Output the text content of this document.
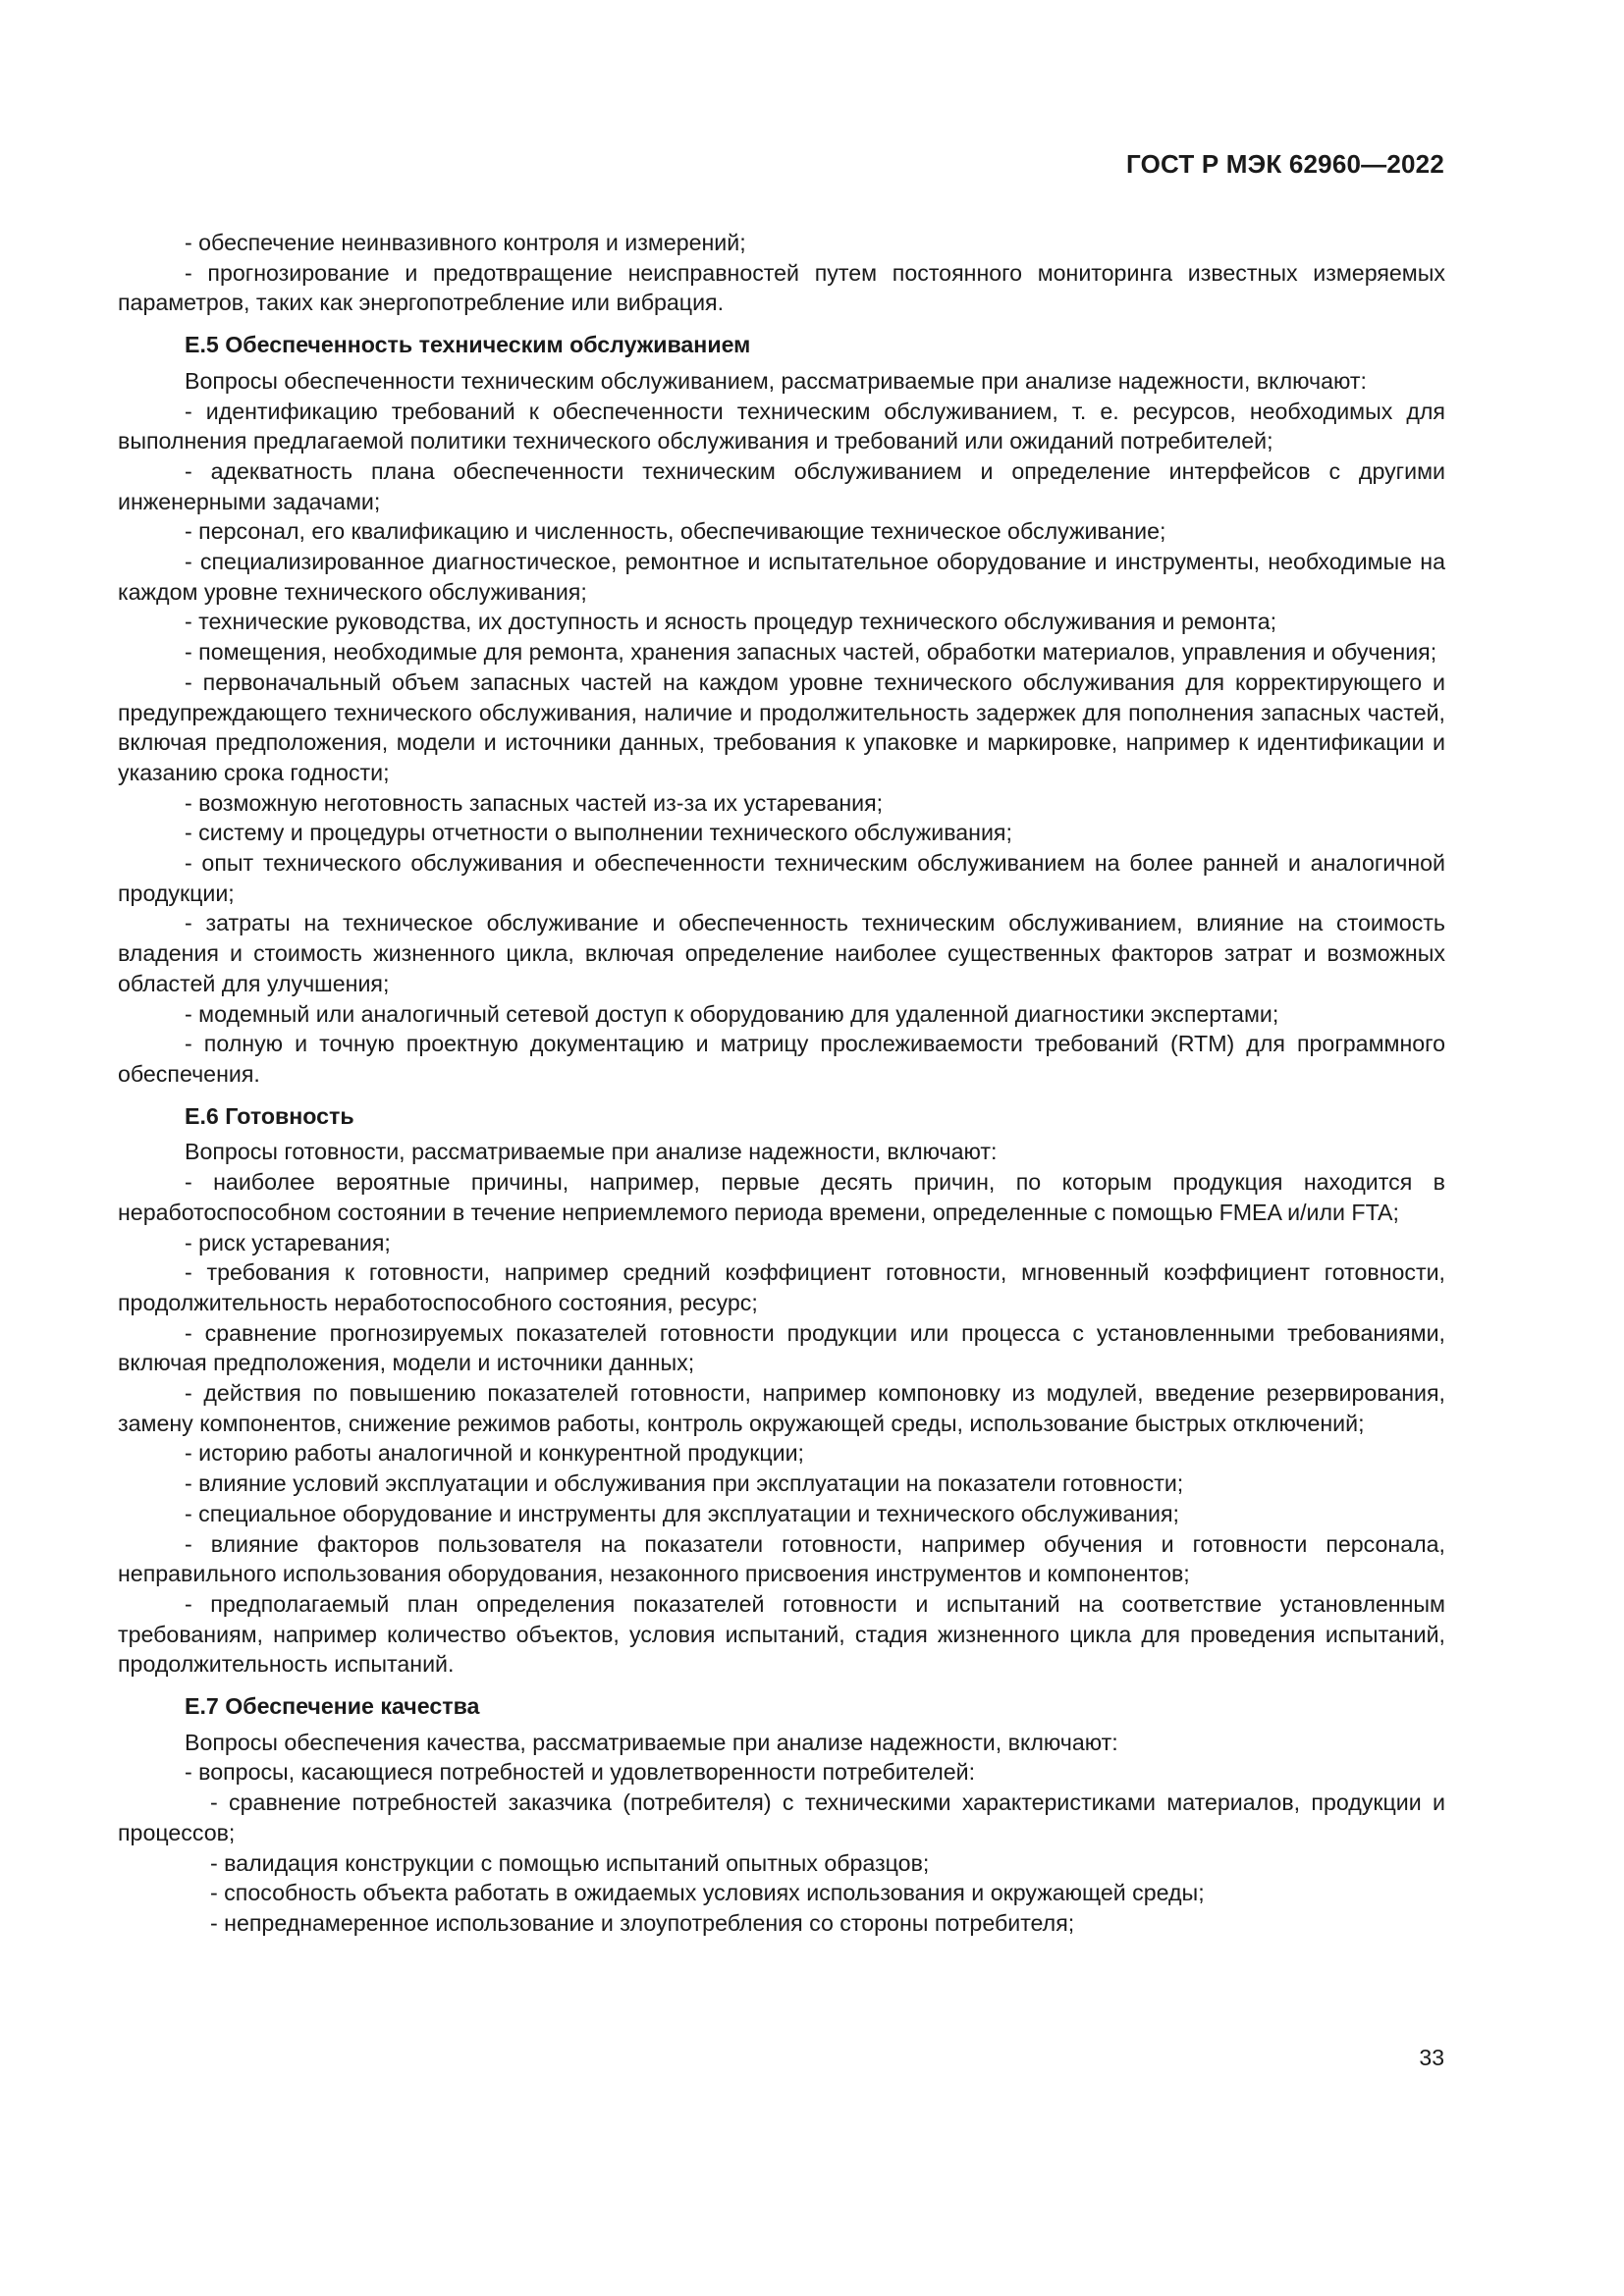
ГОСТ Р МЭК 62960—2022

- обеспечение неинвазивного контроля и измерений;

- прогнозирование и предотвращение неисправностей путем постоянного мониторинга известных измеряемых параметров, таких как энергопотребление или вибрация.

E.5 Обеспеченность техническим обслуживанием

Вопросы обеспеченности техническим обслуживанием, рассматриваемые при анализе надежности, включают:

- идентификацию требований к обеспеченности техническим обслуживанием, т. е. ресурсов, необходимых для выполнения предлагаемой политики технического обслуживания и требований или ожиданий потребителей;

- адекватность плана обеспеченности техническим обслуживанием и определение интерфейсов с другими инженерными задачами;

- персонал, его квалификацию и численность, обеспечивающие техническое обслуживание;

- специализированное диагностическое, ремонтное и испытательное оборудование и инструменты, необходимые на каждом уровне технического обслуживания;

- технические руководства, их доступность и ясность процедур технического обслуживания и ремонта;

- помещения, необходимые для ремонта, хранения запасных частей, обработки материалов, управления и обучения;

- первоначальный объем запасных частей на каждом уровне технического обслуживания для корректирующего и предупреждающего технического обслуживания, наличие и продолжительность задержек для пополнения запасных частей, включая предположения, модели и источники данных, требования к упаковке и маркировке, например к идентификации и указанию срока годности;

- возможную неготовность запасных частей из-за их устаревания;

- систему и процедуры отчетности о выполнении технического обслуживания;

- опыт технического обслуживания и обеспеченности техническим обслуживанием на более ранней и аналогичной продукции;

- затраты на техническое обслуживание и обеспеченность техническим обслуживанием, влияние на стоимость владения и стоимость жизненного цикла, включая определение наиболее существенных факторов затрат и возможных областей для улучшения;

- модемный или аналогичный сетевой доступ к оборудованию для удаленной диагностики экспертами;

- полную и точную проектную документацию и матрицу прослеживаемости требований (RTM) для программного обеспечения.

E.6 Готовность

Вопросы готовности, рассматриваемые при анализе надежности, включают:

- наиболее вероятные причины, например, первые десять причин, по которым продукция находится в неработоспособном состоянии в течение неприемлемого периода времени, определенные с помощью FMEA и/или FTA;

- риск устаревания;

- требования к готовности, например средний коэффициент готовности, мгновенный коэффициент готовности, продолжительность неработоспособного состояния, ресурс;

- сравнение прогнозируемых показателей готовности продукции или процесса с установленными требованиями, включая предположения, модели и источники данных;

- действия по повышению показателей готовности, например компоновку из модулей, введение резервирования, замену компонентов, снижение режимов работы, контроль окружающей среды, использование быстрых отключений;

- историю работы аналогичной и конкурентной продукции;

- влияние условий эксплуатации и обслуживания при эксплуатации на показатели готовности;

- специальное оборудование и инструменты для эксплуатации и технического обслуживания;

- влияние факторов пользователя на показатели готовности, например обучения и готовности персонала, неправильного использования оборудования, незаконного присвоения инструментов и компонентов;

- предполагаемый план определения показателей готовности и испытаний на соответствие установленным требованиям, например количество объектов, условия испытаний, стадия жизненного цикла для проведения испытаний, продолжительность испытаний.

E.7 Обеспечение качества

Вопросы обеспечения качества, рассматриваемые при анализе надежности, включают:

- вопросы, касающиеся потребностей и удовлетворенности потребителей:

- сравнение потребностей заказчика (потребителя) с техническими характеристиками материалов, продукции и процессов;

- валидация конструкции с помощью испытаний опытных образцов;

- способность объекта работать в ожидаемых условиях использования и окружающей среды;

- непреднамеренное использование и злоупотребления со стороны потребителя;

33
